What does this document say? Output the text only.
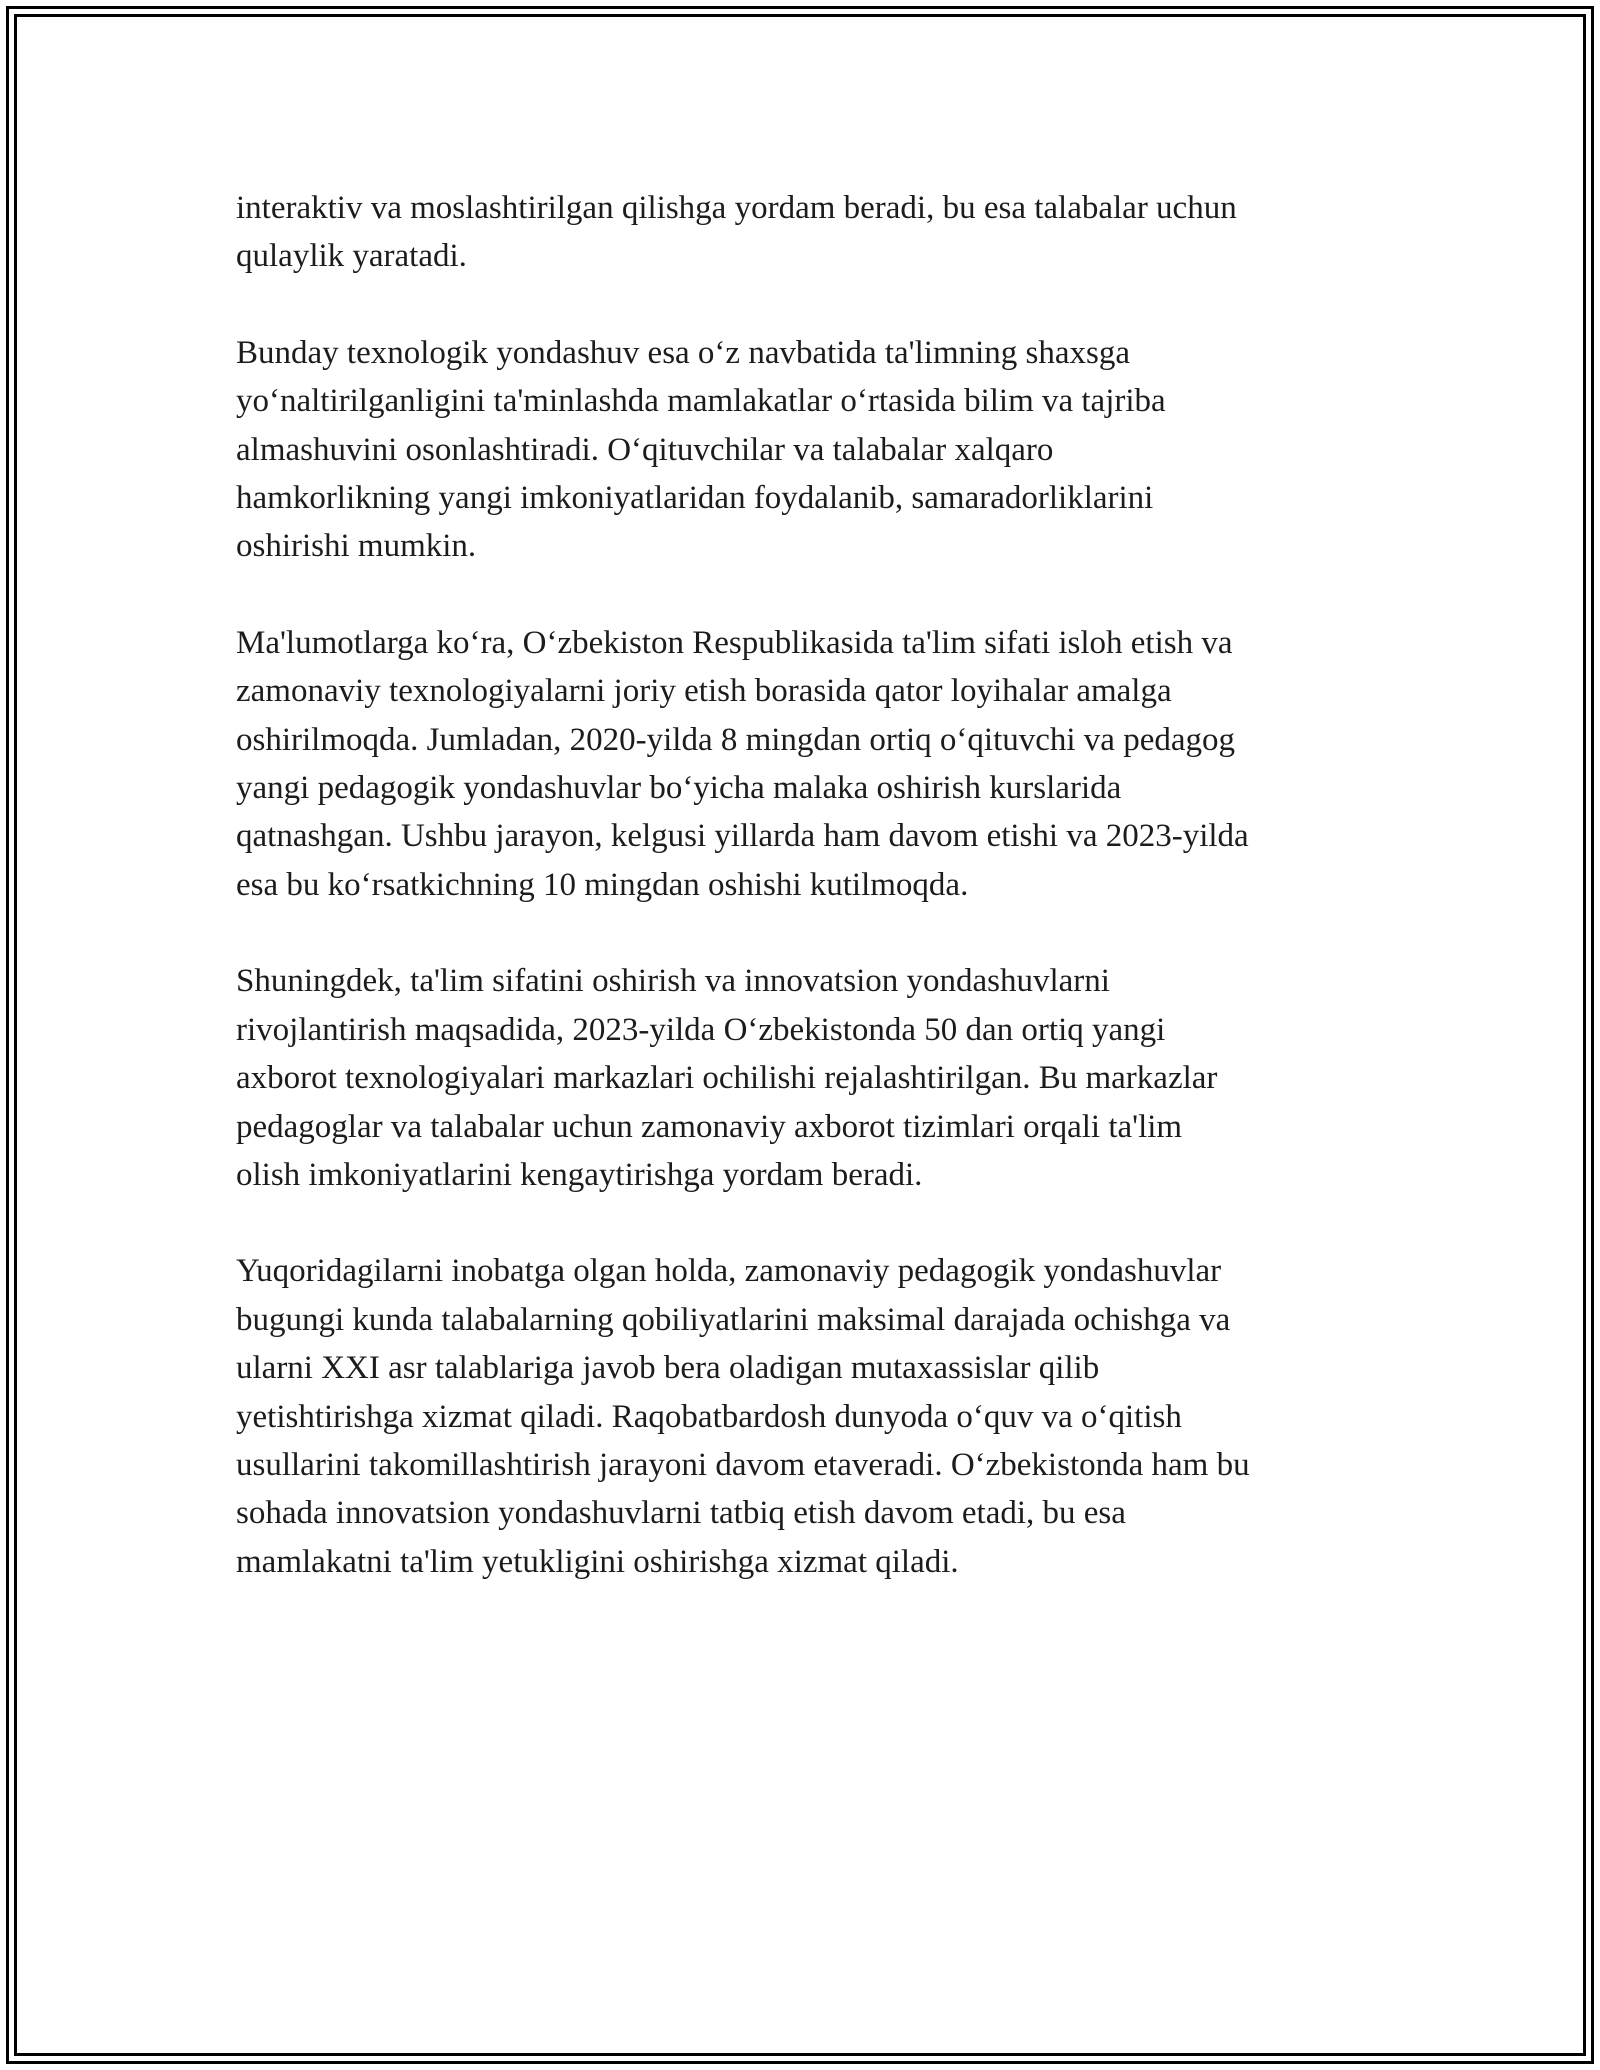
interaktiv va moslashtirilgan qilishga yordam beradi, bu esa talabalar uchun
qulaylik yaratadi.

Bunday texnologik yondashuv esa o‘z navbatida ta'limning shaxsga
yo‘naltirilganligini ta'minlashda mamlakatlar o‘rtasida bilim va tajriba
almashuvini osonlashtiradi. O‘qituvchilar va talabalar xalqaro
hamkorlikning yangi imkoniyatlaridan foydalanib, samaradorliklarini
oshirishi mumkin.

Ma'lumotlarga ko‘ra, O‘zbekiston Respublikasida ta'lim sifati isloh etish va
zamonaviy texnologiyalarni joriy etish borasida qator loyihalar amalga
oshirilmoqda. Jumladan, 2020-yilda 8 mingdan ortiq o‘qituvchi va pedagog
yangi pedagogik yondashuvlar bo‘yicha malaka oshirish kurslarida
qatnashgan. Ushbu jarayon, kelgusi yillarda ham davom etishi va 2023-yilda
esa bu ko‘rsatkichning 10 mingdan oshishi kutilmoqda.

Shuningdek, ta'lim sifatini oshirish va innovatsion yondashuvlarni
rivojlantirish maqsadida, 2023-yilda O‘zbekistonda 50 dan ortiq yangi
axborot texnologiyalari markazlari ochilishi rejalashtirilgan. Bu markazlar
pedagoglar va talabalar uchun zamonaviy axborot tizimlari orqali ta'lim
olish imkoniyatlarini kengaytirishga yordam beradi.

Yuqoridagilarni inobatga olgan holda, zamonaviy pedagogik yondashuvlar
bugungi kunda talabalarning qobiliyatlarini maksimal darajada ochishga va
ularni XXI asr talablariga javob bera oladigan mutaxassislar qilib
yetishtirishga xizmat qiladi. Raqobatbardosh dunyoda o‘quv va o‘qitish
usullarini takomillashtirish jarayoni davom etaveradi. O‘zbekistonda ham bu
sohada innovatsion yondashuvlarni tatbiq etish davom etadi, bu esa
mamlakatni ta'lim yetukligini oshirishga xizmat qiladi.
